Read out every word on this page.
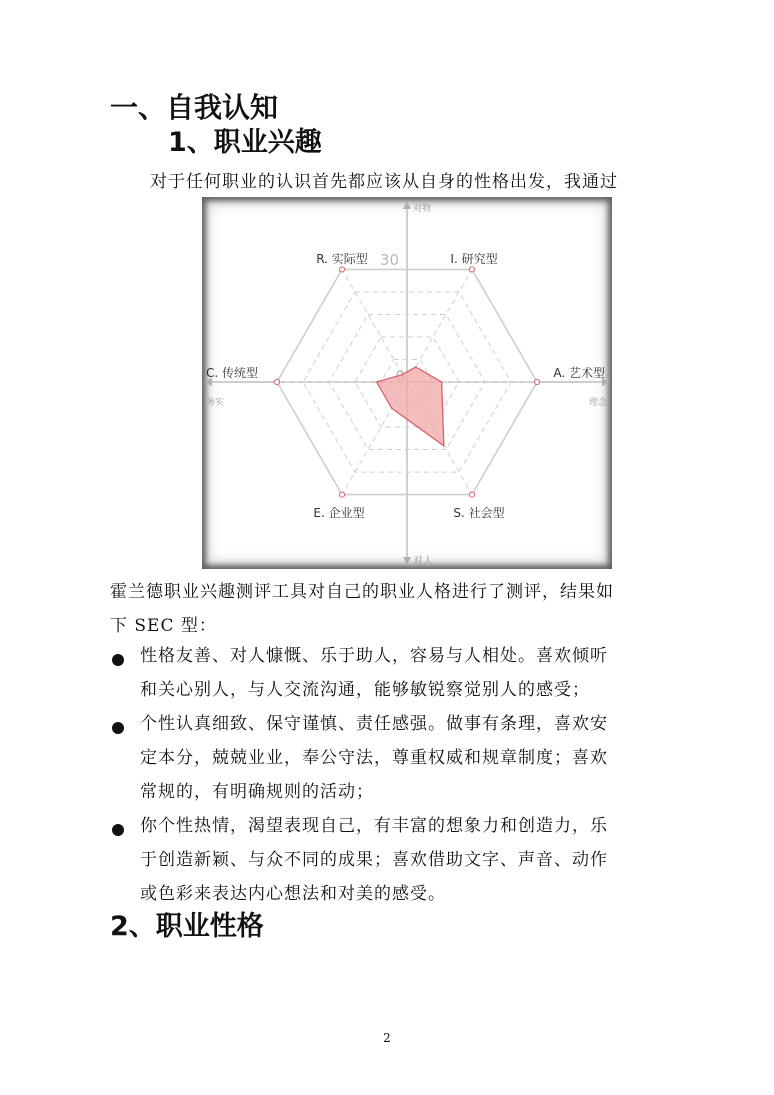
一、自我认知
1、职业兴趣
对于任何职业的认识首先都应该从自身的性格出发，我通过
30
R. 实际型	I. 研究型
A. 艺术型
S. 社会型
E. 企业型
C. 传统型
对物
对人
务实	理念
霍兰德职业兴趣测评工具对自己的职业人格进行了测评，结果如
下 SEC 型：
性格友善、对人慷慨、乐于助人，容易与人相处。喜欢倾听
和关心别人，与人交流沟通，能够敏锐察觉别人的感受；
个性认真细致、保守谨慎、责任感强。做事有条理，喜欢安
定本分，兢兢业业，奉公守法，尊重权威和规章制度；喜欢
常规的，有明确规则的活动；
你个性热情，渴望表现自己，有丰富的想象力和创造力，乐
于创造新颖、与众不同的成果；喜欢借助文字、声音、动作
或色彩来表达内心想法和对美的感受。
2、职业性格
2
